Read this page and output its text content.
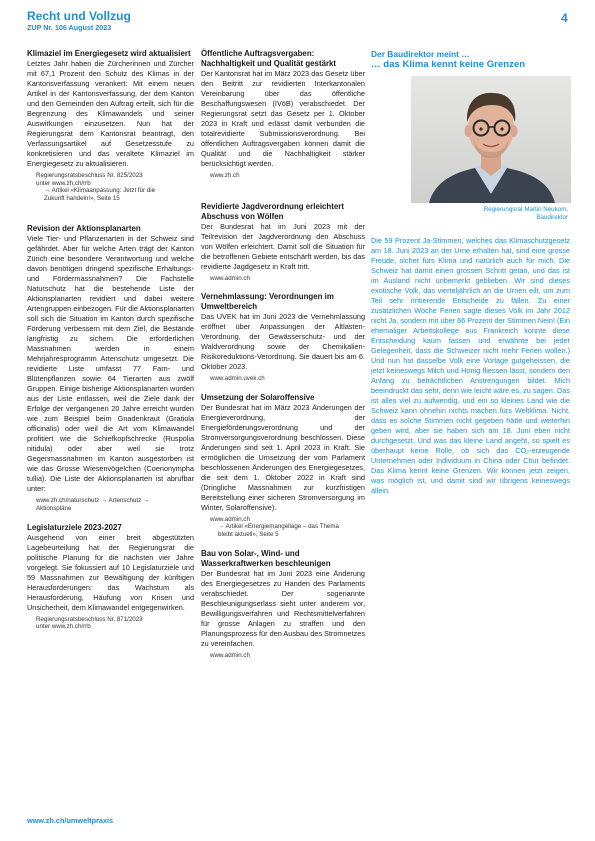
Recht und Vollzug
ZUP Nr. 106 August 2023
4
Klimaziel im Energiegesetz wird aktualisiert

Letztes Jahr haben die Zürcherinnen und Zürcher mit 67,1 Prozent den Schutz des Klimas in der Kantonsverfassung verankert: Mit einem neuen Artikel in der Kantonsverfassung, der dem Kanton und den Gemeinden den Auftrag erteilt, sich für die Begrenzung des Klimawandels und seiner Auswirkungen einzusetzen. Nun hat der Regierungsrat dem Kantonsrat beantragt, den Verfassungsartikel auf Gesetzesstufe zu konkretisieren und das veraltete Klimaziel im Energiegesetz zu aktualisieren.

Regierungsratsbeschluss Nr. 825/2023
unter www.zh.ch/rrb
→ Artikel «Klimaanpassung: Jetzt für die
Zukunft handeln!», Seite 15
Revision der Aktionsplanarten

Viele Tier- und Pflanzenarten in der Schweiz sind gefährdet. Aber für welche Arten trägt der Kanton Zürich eine besondere Verantwortung und welche davon benötigen dringend spezifische Erhaltungs- und Fördermassnahmen? Die Fachstelle Naturschutz hat die bestehende Liste der Aktionsplanarten revidiert und dabei weitere Artengruppen einbezogen. Für die Aktionsplanarten soll sich die Situation im Kanton durch spezifische Förderung verbessern mit dem Ziel, die Bestände langfristig zu sichern. Die erforderlichen Massnahmen werden in einem Mehrjahresprogramm Artenschutz umgesetzt. Die revidierte Liste umfasst 77 Farn- und Blütenpflanzen sowie 64 Tierarten aus zwölf Gruppen. Einige bisherige Aktionsplanarten wurden aus der Liste entlassen, weil die Ziele dank der Erfolge der vergangenen 20 Jahre erreicht wurden wie zum Beispiel beim Gnadenkraut (Gratiola officinalis) oder weil die Art vom Klimawandel profitiert wie die Schiefkopfschrecke (Ruspolia nitidula) oder aber weil sie trotz Gegenmassnahmen im Kanton ausgestorben ist wie das Grosse Wiesenvögelchen (Coenonympha tullia). Die Liste der Aktionsplanarten ist abrufbar unter:

www.zh.ch/naturschutz → Artenschutz →
Aktionspläne
Legislaturziele 2023-2027

Ausgehend von einer breit abgestützten Lagebeurteilung hat der Regierungsrat die politische Planung für die nächsten vier Jahre vorgelegt. Sie fokussiert auf 10 Legislaturziele und 59 Massnahmen zur Bewältigung der künftigen Herausforderungen: das Wachstum als Herausforderung, Häufung von Krisen und Unsicherheit, dem Klimawandel entgegenwirken.

Regierungsratsbeschluss Nr. 871/2023
unter www.zh.ch/rrb
Öffentliche Auftragsvergaben: Nachhaltigkeit und Qualität gestärkt

Der Kantonsrat hat im März 2023 das Gesetz über den Beitritt zur revidierten Interkantonalen Vereinbarung über das öffentliche Beschaffungswesen (IVöB) verabschiedet. Der Regierungsrat setzt das Gesetz per 1. Oktober 2023 in Kraft und erlässt damit verbunden die totalrevidierte Submissionsverordnung. Bei öffentlichen Auftragsvergaben können damit die Qualität und die Nachhaltigkeit stärker berücksichtigt werden.

www.zh.ch
Revidierte Jagdverordnung erleichtert Abschuss von Wölfen

Der Bundesrat hat im Juni 2023 mit der Teilrevision der Jagdverordnung den Abschuss von Wölfen erleichtert. Damit soll die Situation für die betroffenen Gebiete entschärft werden, bis das revidierte Jagdgesetz in Kraft tritt.

www.admin.ch
Vernehmlassung: Verordnungen im Umweltbereich

Das UVEK hat im Juni 2023 die Vernehmlassung eröffnet über Anpassungen der Altlasten-Verordnung, der Gewässerschutz- und der Waldverordnung sowie der Chemikalien-Risikoreduktions-Verordnung. Sie dauert bis am 6. Oktober 2023.

www.admin.uvek.ch
Umsetzung der Solaroffensive

Der Bundesrat hat im März 2023 Änderungen der Energieverordnung, der Energieförderungsverordnung und der Stromversorgungsverordnung beschlossen. Diese Änderungen sind seit 1. April 2023 in Kraft. Sie ermöglichen die Umsetzung der vom Parlament beschlossenen Änderungen des Energiegesetzes, die seit dem 1. Oktober 2022 in Kraft sind (Dringliche Massnahmen zur kurzfristigen Bereitstellung einer sicheren Stromversorgung im Winter, Solaroffensive).

www.admin.ch
→ Artikel «Energiemangellage – das Thema
bleibt aktuell», Seite 5
Bau von Solar-, Wind- und Wasserkraftwerken beschleunigen

Der Bundesrat hat im Juni 2023 eine Änderung des Energiegesetzes zu Handen des Parlaments verabschiedet. Der sogenannte Beschleunigungserlass sieht unter anderem vor, Bewilligungsverfahren und Rechtsmittelverfahren für grosse Anlagen zu straffen und den Planungsprozess für den Ausbau des Stromnetzes zu vereinfachen.

www.admin.ch
Der Baudirektor meint …
… das Klima kennt keine Grenzen
Regierungsrat Martin Neukom,
Baudirektor

Die 59 Prozent Ja-Stimmen, welches das Klimaschutzgesetz am 18. Juni 2023 an der Urne erhalten hat, sind eine grosse Freude, sicher fürs Klima und natürlich auch für mich. Die Schweiz hat damit einen grossen Schritt getan, und das ist im Ausland nicht unbemerkt geblieben. Wir sind dieses exotische Volk, das vierteljährlich an die Urnen eilt, um zum Teil sehr irritierende Entscheide zu fällen. Zu einer zusätzlichen Woche Ferien sagte dieses Volk im Jahr 2012 nicht Ja, sondern mit über 66 Prozent der Stimmen Nein! (Ein ehemaliger Arbeitskollege aus Frankreich konnte diese Entscheidung kaum fassen und erwähnte bei jeder Gelegenheit, dass die Schweizer nicht mehr Ferien wollen.) Und nun hat dasselbe Volk eine Vorlage gutgeheissen, die jetzt keineswegs Milch und Honig fliessen lässt, sondern den Anfang zu beträchtlichen Anstrengungen bildet. Mich beeindruckt das sehr, denn wie leicht wäre es, zu sagen: Das ist alles viel zu aufwendig, und ein so kleines Land wie die Schweiz kann ohnehin nichts machen fürs Weltklima. Nicht, dass es solche Stimmen nicht gegeben hätte und weiterhin geben wird, aber sie haben sich am 18. Juni eben nicht durchgesetzt. Und was das kleine Land angeht, so spielt es überhaupt keine Rolle, ob sich das CO₂-erzeugende Unternehmen oder Individuum in China oder Chur befindet. Das Klima kennt keine Grenzen. Wir können jetzt zeigen, was möglich ist, und damit sind wir übrigens keineswegs allein.

www.zh.ch/umweltpraxis
